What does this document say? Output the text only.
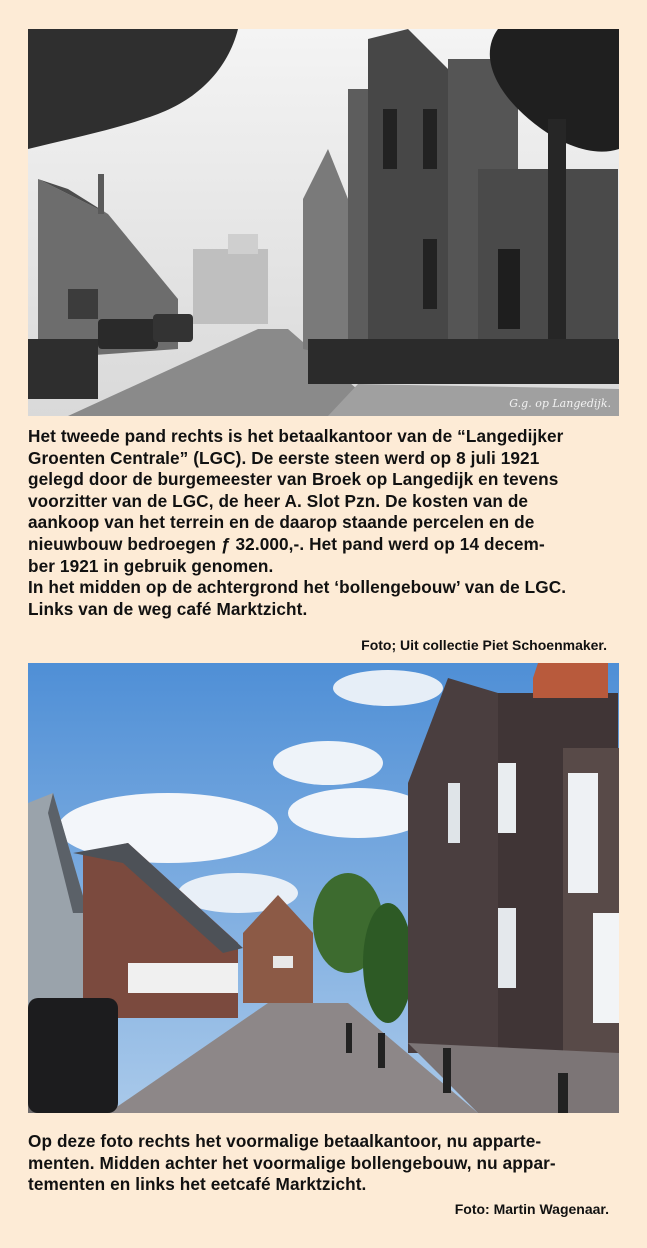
G.g. op Langedijk.
Het tweede pand rechts is het betaalkantoor van de “Langedijker
Groenten Centrale” (LGC). De eerste steen werd op 8 juli 1921
gelegd door de burgemeester van Broek op Langedijk en tevens
voorzitter van de LGC, de heer A. Slot Pzn. De kosten van de
aankoop van het terrein en de daarop staande percelen en de
nieuwbouw bedroegen ƒ 32.000,-. Het pand werd op 14 decem-
ber 1921 in gebruik genomen.
In het midden op de achtergrond het ‘bollengebouw’ van de LGC.
Links van de weg café Marktzicht.
Foto; Uit collectie Piet Schoenmaker.
Op deze foto rechts het voormalige betaalkantoor, nu apparte-
menten. Midden achter het voormalige bollengebouw, nu appar-
tementen en links het eetcafé Marktzicht.
Foto: Martin Wagenaar.
